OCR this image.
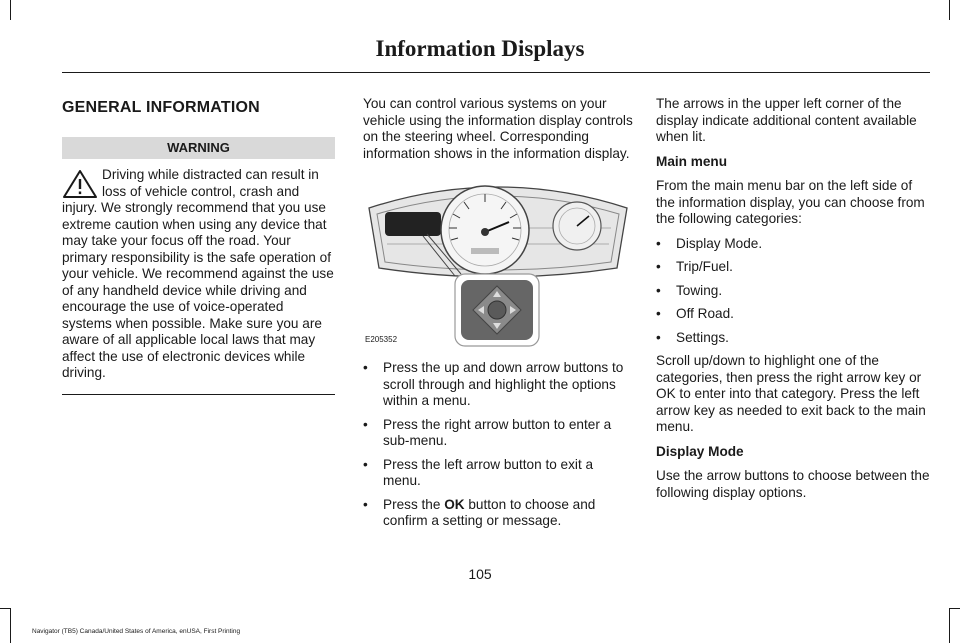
Information Displays
GENERAL INFORMATION
WARNING
Driving while distracted can result in loss of vehicle control, crash and injury. We strongly recommend that you use extreme caution when using any device that may take your focus off the road. Your primary responsibility is the safe operation of your vehicle. We recommend against the use of any handheld device while driving and encourage the use of voice-operated systems when possible. Make sure you are aware of all applicable local laws that may affect the use of electronic devices while driving.

You can control various systems on your vehicle using the information display controls on the steering wheel. Corresponding information shows in the information display.

E205352
• Press the up and down arrow buttons to scroll through and highlight the options within a menu.
• Press the right arrow button to enter a sub-menu.
• Press the left arrow button to exit a menu.
• Press the OK button to choose and confirm a setting or message.

The arrows in the upper left corner of the display indicate additional content available when lit.

Main menu

From the main menu bar on the left side of the information display, you can choose from the following categories:

• Display Mode.
• Trip/Fuel.
• Towing.
• Off Road.
• Settings.

Scroll up/down to highlight one of the categories, then press the right arrow key or OK to enter into that category. Press the left arrow key as needed to exit back to the main menu.

Display Mode

Use the arrow buttons to choose between the following display options.

105
Navigator (TB5) Canada/United States of America, enUSA, First Printing
